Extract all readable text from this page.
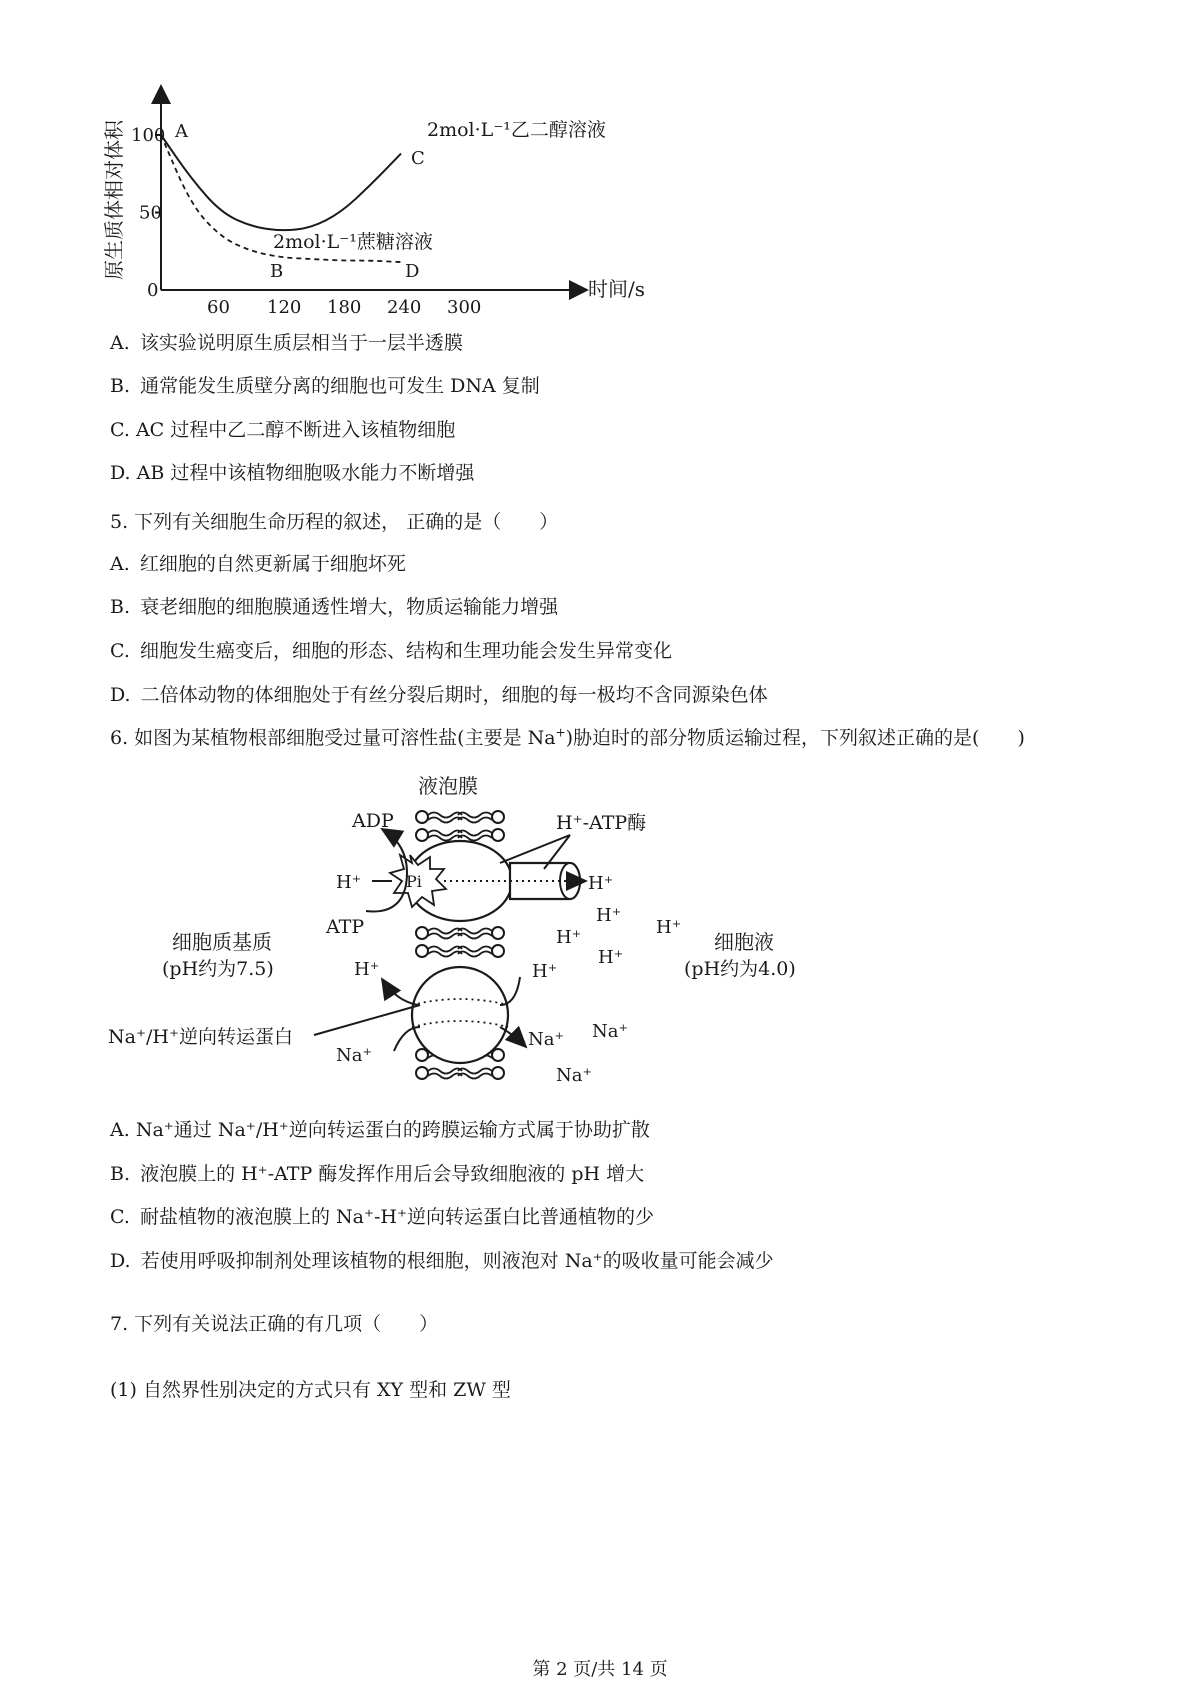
0
50
100
60 120 180 240 300
原生质体相对体积
时间/s
2mol·L⁻¹乙二醇溶液
2mol·L⁻¹蔗糖溶液
A
B
C
D
A. 该实验说明原生质层相当于一层半透膜
B. 通常能发生质壁分离的细胞也可发生 DNA 复制
C. AC 过程中乙二醇不断进入该植物细胞
D. AB 过程中该植物细胞吸水能力不断增强
5. 下列有关细胞生命历程的叙述， 正确的是（　　）
A. 红细胞的自然更新属于细胞坏死
B. 衰老细胞的细胞膜通透性增大，物质运输能力增强
C. 细胞发生癌变后，细胞的形态、结构和生理功能会发生异常变化
D. 二倍体动物的体细胞处于有丝分裂后期时，细胞的每一极均不含同源染色体
6. 如图为某植物根部细胞受过量可溶性盐(主要是 Na+)胁迫时的部分物质运输过程，下列叙述正确的是(　　)
液泡膜
Pi
ADP
ATP
H⁺-ATP酶
H⁺	H⁺
H⁺
H⁺	H⁺
H⁺
H⁺	H⁺
Na⁺
Na⁺ Na⁺
Na⁺
细胞质基质
(pH约为7.5)
细胞液
(pH约为4.0)
Na⁺/H⁺逆向转运蛋白
A. Na⁺通过 Na⁺/H⁺逆向转运蛋白的跨膜运输方式属于协助扩散
B. 液泡膜上的 H⁺-ATP 酶发挥作用后会导致细胞液的 pH 增大
C. 耐盐植物的液泡膜上的 Na⁺-H⁺逆向转运蛋白比普通植物的少
D. 若使用呼吸抑制剂处理该植物的根细胞，则液泡对 Na⁺的吸收量可能会减少
7. 下列有关说法正确的有几项（　　）
(1) 自然界性别决定的方式只有 XY 型和 ZW 型
第 2 页/共 14 页
